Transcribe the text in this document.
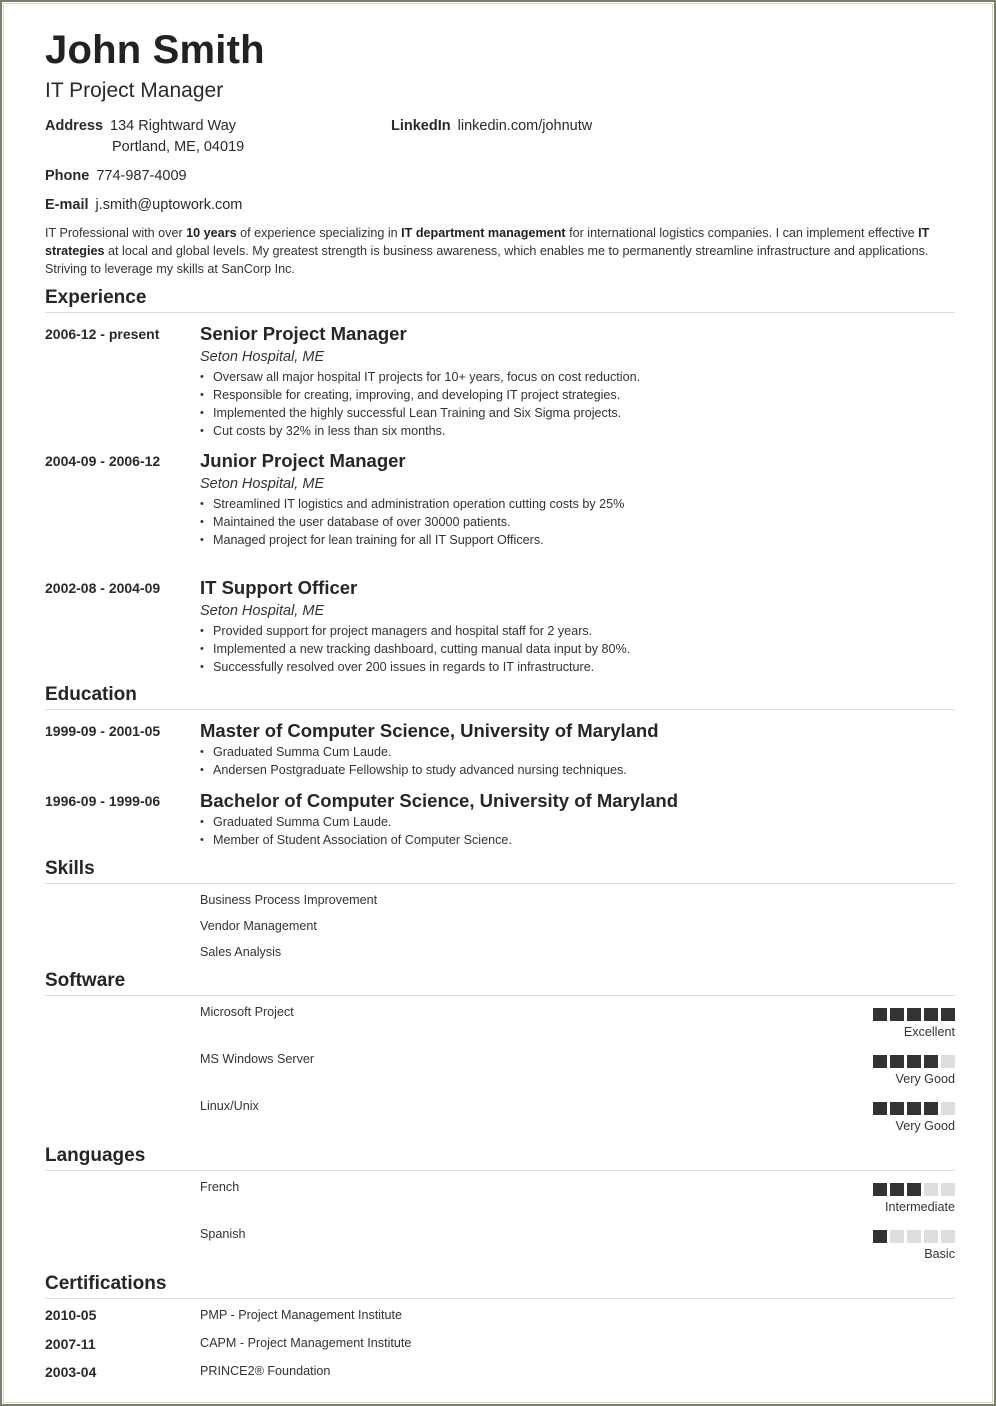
John Smith
IT Project Manager
Address 134 Rightward Way
Portland, ME, 04019
LinkedIn linkedin.com/johnutw
Phone 774-987-4009
E-mail j.smith@uptowork.com
IT Professional with over 10 years of experience specializing in IT department management for international logistics companies. I can implement effective IT strategies at local and global levels. My greatest strength is business awareness, which enables me to permanently streamline infrastructure and applications. Striving to leverage my skills at SanCorp Inc.
Experience
2006-12 - present Senior Project Manager
Seton Hospital, ME
• Oversaw all major hospital IT projects for 10+ years, focus on cost reduction.
• Responsible for creating, improving, and developing IT project strategies.
• Implemented the highly successful Lean Training and Six Sigma projects.
• Cut costs by 32% in less than six months.
2004-09 - 2006-12 Junior Project Manager
Seton Hospital, ME
• Streamlined IT logistics and administration operation cutting costs by 25%
• Maintained the user database of over 30000 patients.
• Managed project for lean training for all IT Support Officers.
2002-08 - 2004-09 IT Support Officer
Seton Hospital, ME
• Provided support for project managers and hospital staff for 2 years.
• Implemented a new tracking dashboard, cutting manual data input by 80%.
• Successfully resolved over 200 issues in regards to IT infrastructure.
Education
1999-09 - 2001-05 Master of Computer Science, University of Maryland
• Graduated Summa Cum Laude.
• Andersen Postgraduate Fellowship to study advanced nursing techniques.
1996-09 - 1999-06 Bachelor of Computer Science, University of Maryland
• Graduated Summa Cum Laude.
• Member of Student Association of Computer Science.
Skills
Business Process Improvement
Vendor Management
Sales Analysis
Software
Microsoft Project
Excellent
MS Windows Server
Very Good
Linux/Unix
Very Good
Languages
French
Intermediate
Spanish
Basic
Certifications
2010-05	PMP - Project Management Institute
2007-11	CAPM - Project Management Institute
2003-04	PRINCE2® Foundation
